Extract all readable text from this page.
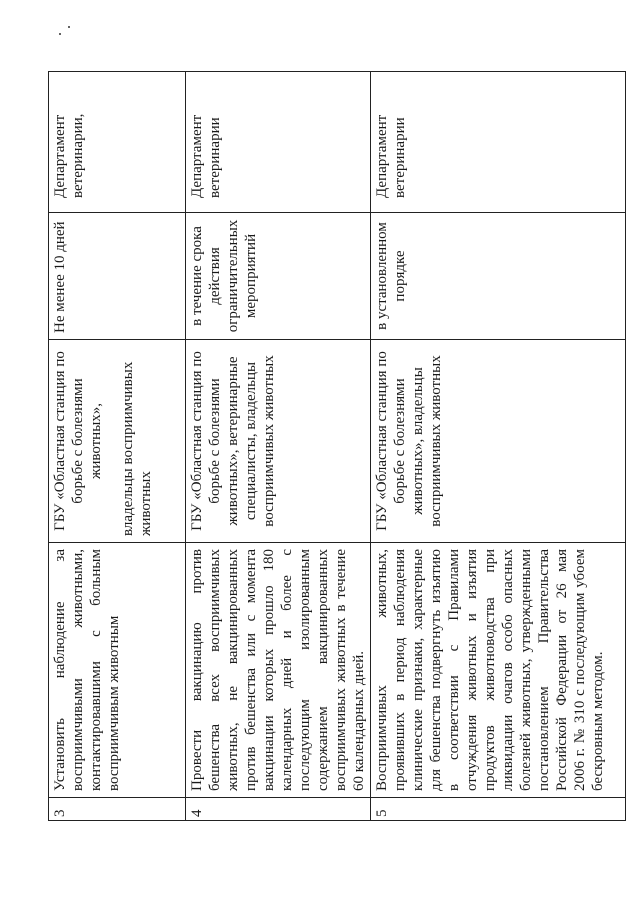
3	Установить наблюдение за восприимчивыми животными, контактировавшими с больным восприимчивым животным	ГБУ «Областная станция по борьбе с болезнями животных», владельцы восприимчивых животных	Не менее 10 дней	Департамент ветеринарии,
4	Провести вакцинацию против бешенства всех восприимчивых животных, не вакцинированных против бешенства или с момента вакцинации которых прошло 180 календарных дней и более с последующим изолированным содержанием вакцинированных восприимчивых животных в течение 60 календарных дней.	ГБУ «Областная станция по борьбе с болезнями животных», ветеринарные специалисты, владельцы восприимчивых животных	в течение срока действия ограничительных мероприятий	Департамент ветеринарии
5	Восприимчивых животных, проявивших в период наблюдения клинические признаки, характерные для бешенства подвергнуть изъятию в соответствии с Правилами отчуждения животных и изъятия продуктов животноводства при ликвидации очагов особо опасных болезней животных, утвержденными постановлением Правительства Российской Федерации от 26 мая 2006 г. № 310 с последующим убоем бескровным методом.	ГБУ «Областная станция по борьбе с болезнями животных», владельцы восприимчивых животных	в установленном порядке	Департамент ветеринарии
